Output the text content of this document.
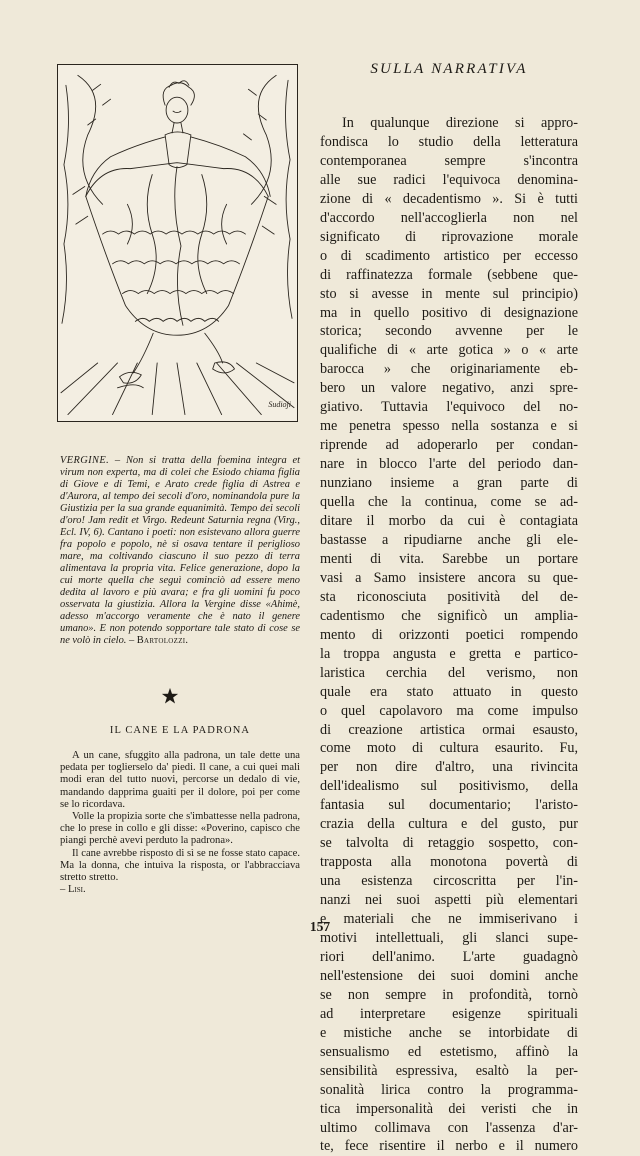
Sudioji
VERGINE. – Non si tratta della foemina integra et virum non experta, ma di colei che Esiodo chiama figlia di Giove e di Temi, e Arato crede figlia di Astrea e d'Aurora, al tempo dei secoli d'oro, nominandola pure la Giustizia per la sua grande equanimità. Tempo dei secoli d'oro! Jam redit et Virgo. Redeunt Saturnia regna (Virg., Ecl. IV, 6). Cantano i poeti: non esistevano allora guerre fra popolo e popolo, nè si osava tentare il periglioso mare, ma coltivando ciascuno il suo pezzo di terra alimentava la propria vita. Felice generazione, dopo la cui morte quella che seguì cominciò ad essere meno dedita al lavoro e più avara; e fra gli uomini fu poco osservata la giustizia. Allora la Vergine disse «Ahimè, adesso m'accorgo veramente che è nato il genere umano». E non potendo sopportare tale stato di cose se ne volò in cielo. – Bartolozzi.
IL CANE E LA PADRONA

A un cane, sfuggito alla padrona, un tale dette una pedata per toglierselo da' piedi. Il cane, a cui quei mali modi eran del tutto nuovi, percorse un dedalo di vie, mandando dapprima guaiti per il dolore, poi per come se lo ricordava.

Volle la propizia sorte che s'imbattesse nella padrona, che lo prese in collo e gli disse: «Poverino, capisco che piangi perchè avevi perduto la padrona».

Il cane avrebbe risposto di sì se ne fosse stato capace. Ma la donna, che intuiva la risposta, or l'abbracciava stretto stretto.

– Lisi.
SULLA NARRATIVA
In qualunque direzione si appro-
fondisca lo studio della letteratura
contemporanea sempre s'incontra
alle sue radici l'equivoca denomina-
zione di « decadentismo ». Si è tutti
d'accordo nell'accoglierla non nel
significato di riprovazione morale
o di scadimento artistico per eccesso
di raffinatezza formale (sebbene que-
sto si avesse in mente sul principio)
ma in quello positivo di designazione
storica; secondo avvenne per le
qualifiche di « arte gotica » o « arte
barocca » che originariamente eb-
bero un valore negativo, anzi spre-
giativo. Tuttavia l'equivoco del no-
me penetra spesso nella sostanza e si
riprende ad adoperarlo per condan-
nare in blocco l'arte del periodo dan-
nunziano insieme a gran parte di
quella che la continua, come se ad-
ditare il morbo da cui è contagiata
bastasse a ripudiarne anche gli ele-
menti di vita. Sarebbe un portare
vasi a Samo insistere ancora su que-
sta riconosciuta positività del de-
cadentismo che significò un amplia-
mento di orizzonti poetici rompendo
la troppa angusta e gretta e partico-
laristica cerchia del verismo, non
quale era stato attuato in questo
o quel capolavoro ma come impulso
di creazione artistica ormai esausto,
come moto di cultura esaurito. Fu,
per non dire d'altro, una rivincita
dell'idealismo sul positivismo, della
fantasia sul documentario; l'aristo-
crazia della cultura e del gusto, pur
se talvolta di retaggio sospetto, con-
trapposta alla monotona povertà di
una esistenza circoscritta per l'in-
nanzi nei suoi aspetti più elementari
e materiali che ne immiserivano i
motivi intellettuali, gli slanci supe-
riori dell'animo. L'arte guadagnò
nell'estensione dei suoi domini anche
se non sempre in profondità, tornò
ad interpretare esigenze spirituali
e mistiche anche se intorbidate di
sensualismo ed estetismo, affinò la
sensibilità espressiva, esaltò la per-
sonalità lirica contro la programma-
tica impersonalità dei veristi che in
ultimo collimava con l'assenza d'ar-
te, fece risentire il nerbo e il numero
157
